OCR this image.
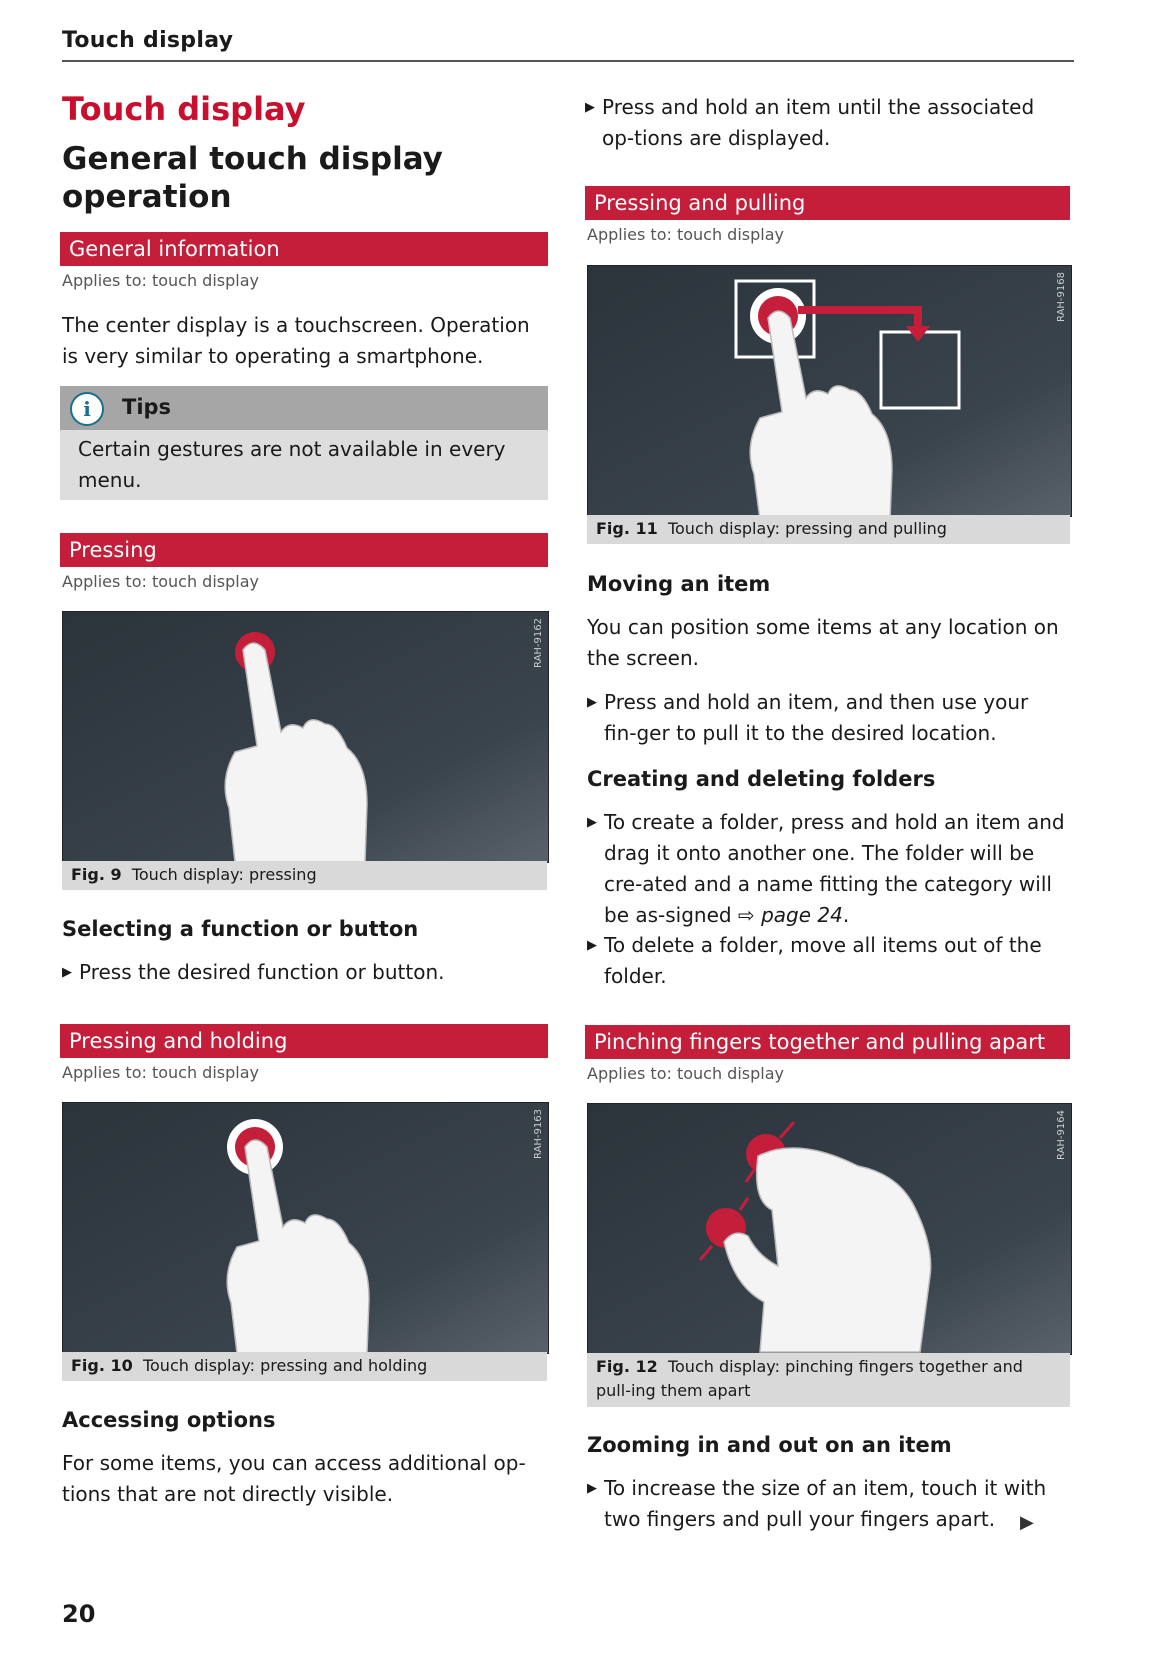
Touch display
Touch display
General touch display operation
General information
Applies to: touch display
The center display is a touchscreen. Operation is very similar to operating a smartphone.
i	Tips
Certain gestures are not available in every menu.
Pressing
Applies to: touch display
RAH-9162
Fig. 9 Touch display: pressing
Selecting a function or button
▶ Press the desired function or button.
Pressing and holding
Applies to: touch display
RAH-9163
Fig. 10 Touch display: pressing and holding
Accessing options
For some items, you can access additional op-tions that are not directly visible.
▶ Press and hold an item until the associated op-tions are displayed.
Pressing and pulling
Applies to: touch display
RAH-9168
Fig. 11 Touch display: pressing and pulling
Moving an item
You can position some items at any location on the screen.
▶ Press and hold an item, and then use your fin-ger to pull it to the desired location.
Creating and deleting folders
▶ To create a folder, press and hold an item and drag it onto another one. The folder will be cre-ated and a name fitting the category will be as-signed ⇨ page 24.
▶ To delete a folder, move all items out of the folder.
Pinching fingers together and pulling apart
Applies to: touch display
RAH-9164
Fig. 12 Touch display: pinching fingers together and pull-ing them apart
Zooming in and out on an item
▶ To increase the size of an item, touch it with two fingers and pull your fingers apart.	▶
20
